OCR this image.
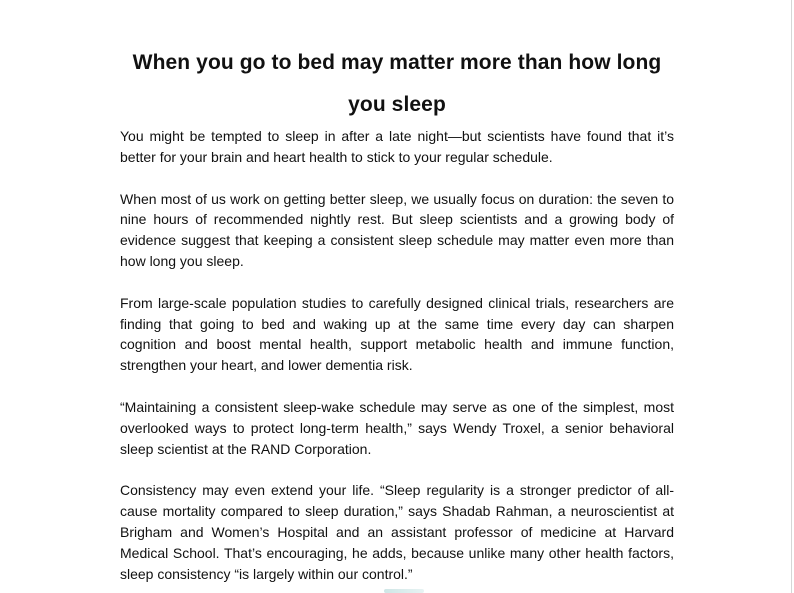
When you go to bed may matter more than how long you sleep

You might be tempted to sleep in after a late night—but scientists have found that it’s better for your brain and heart health to stick to your regular schedule.

When most of us work on getting better sleep, we usually focus on duration: the seven to nine hours of recommended nightly rest. But sleep scientists and a growing body of evidence suggest that keeping a consistent sleep schedule may matter even more than how long you sleep.

From large-scale population studies to carefully designed clinical trials, researchers are finding that going to bed and waking up at the same time every day can sharpen cognition and boost mental health, support metabolic health and immune function, strengthen your heart, and lower dementia risk.

“Maintaining a consistent sleep-wake schedule may serve as one of the simplest, most overlooked ways to protect long-term health,” says Wendy Troxel, a senior behavioral sleep scientist at the RAND Corporation.

Consistency may even extend your life. “Sleep regularity is a stronger predictor of all-cause mortality compared to sleep duration,” says Shadab Rahman, a neuroscientist at Brigham and Women’s Hospital and an assistant professor of medicine at Harvard Medical School. That’s encouraging, he adds, because unlike many other health factors, sleep consistency “is largely within our control.”
